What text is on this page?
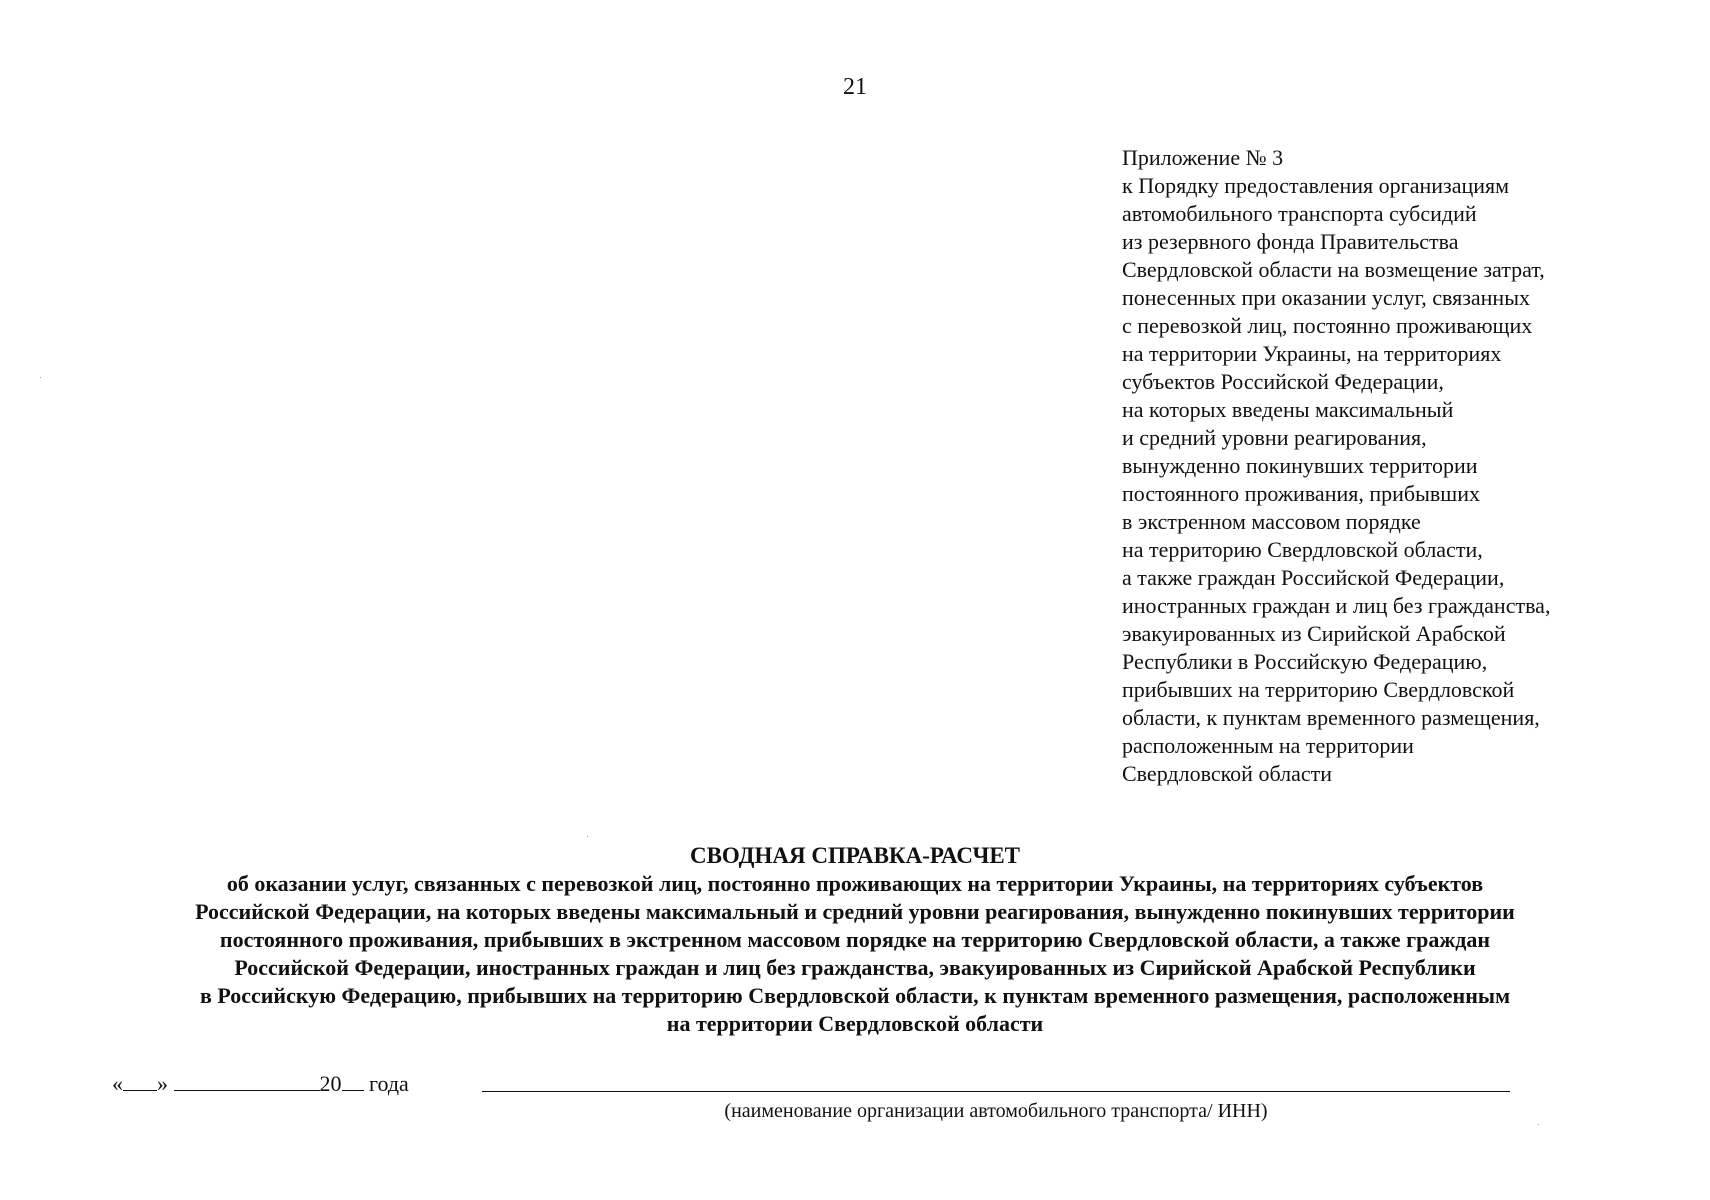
21
Приложение № 3
к Порядку предоставления организациям
автомобильного транспорта субсидий
из резервного фонда Правительства
Свердловской области на возмещение затрат,
понесенных при оказании услуг, связанных
с перевозкой лиц, постоянно проживающих
на территории Украины, на территориях
субъектов Российской Федерации,
на которых введены максимальный
и средний уровни реагирования,
вынужденно покинувших территории
постоянного проживания, прибывших
в экстренном массовом порядке
на территорию Свердловской области,
а также граждан Российской Федерации,
иностранных граждан и лиц без гражданства,
эвакуированных из Сирийской Арабской
Республики в Российскую Федерацию,
прибывших на территорию Свердловской
области, к пунктам временного размещения,
расположенным на территории
Свердловской области
СВОДНАЯ СПРАВКА-РАСЧЕТ
об оказании услуг, связанных с перевозкой лиц, постоянно проживающих на территории Украины, на территориях субъектов
Российской Федерации, на которых введены максимальный и средний уровни реагирования, вынужденно покинувших территории
постоянного проживания, прибывших в экстренном массовом порядке на территорию Свердловской области, а также граждан
Российской Федерации, иностранных граждан и лиц без гражданства, эвакуированных из Сирийской Арабской Республики
в Российскую Федерацию, прибывших на территорию Свердловской области, к пунктам временного размещения, расположенным
на территории Свердловской области
« »	20 года
(наименование организации автомобильного транспорта/ ИНН)
